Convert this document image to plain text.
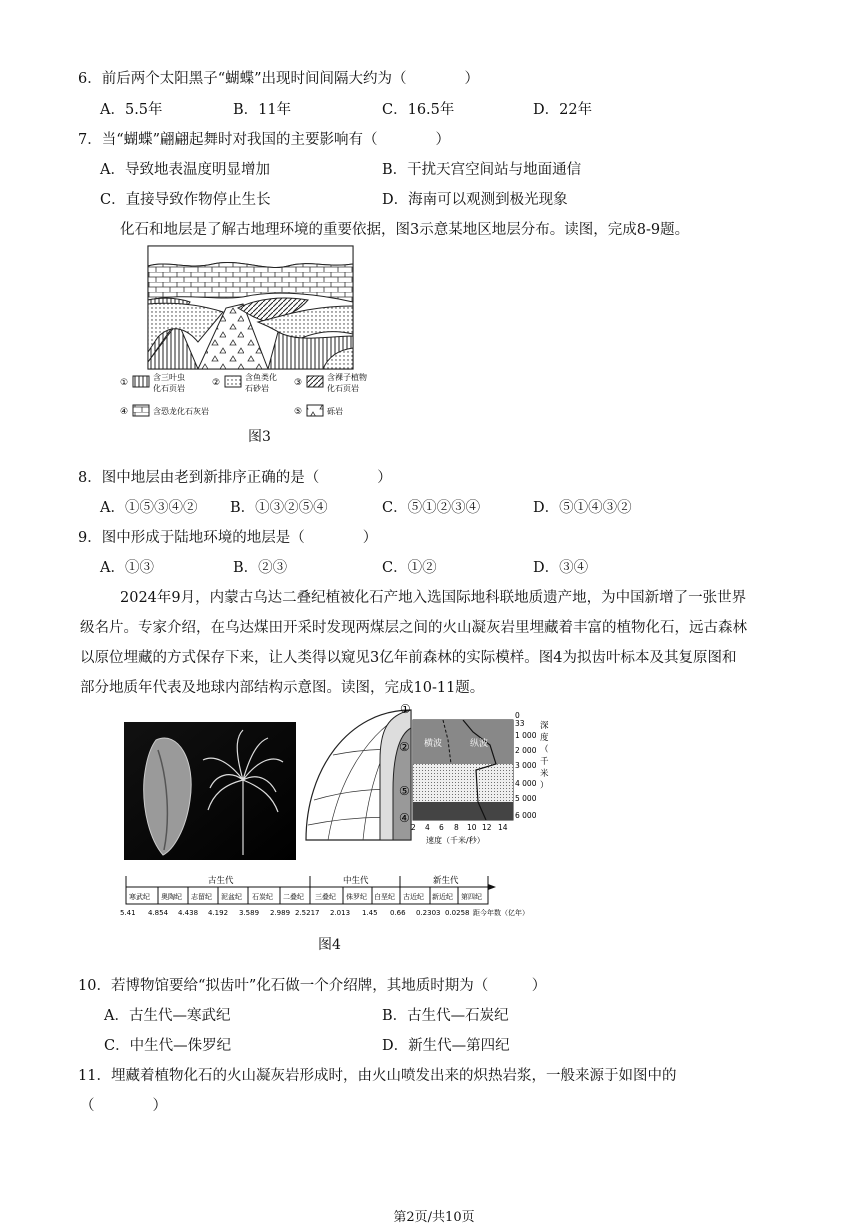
6．前后两个太阳黑子“蝴蝶”出现时间间隔大约为（　　　　）
A．5.5年	B．11年	C．16.5年	D．22年
7．当“蝴蝶”翩翩起舞时对我国的主要影响有（　　　　）
A．导致地表温度明显增加	B．干扰天宫空间站与地面通信
C．直接导致作物停止生长	D．海南可以观测到极光现象
化石和地层是了解古地理环境的重要依据，图3示意某地区地层分布。读图，完成8-9题。
①
含三叶虫
化石页岩
②
含鱼类化
石砂岩
③
含裸子植物
化石页岩
④	含恐龙化石灰岩	⑤	砾岩
图3
8．图中地层由老到新排序正确的是（　　　　）
A．①⑤③④② B．①③②⑤④	C．⑤①②③④	D．⑤①④③②
9．图中形成于陆地环境的地层是（　　　　）
A．①③	B．②③	C．①②	D．③④
2024年9月，内蒙古乌达二叠纪植被化石产地入选国际地科联地质遗产地，为中国新增了一张世界
级名片。专家介绍，在乌达煤田开采时发现两煤层之间的火山凝灰岩里埋藏着丰富的植物化石，远古森林
以原位埋藏的方式保存下来，让人类得以窥见3亿年前森林的实际模样。图4为拟齿叶标本及其复原图和
部分地质年代表及地球内部结构示意图。读图，完成10-11题。
①
②
⑤
④
横波	纵波
0
33
1 000
2 000
3 000
4 000
5 000
6 000
深
度
（
千
米
）
2 4 6 8 10 12 14
速度（千米/秒）
古生代	中生代	新生代
寒武纪 奥陶纪 志留纪 泥盆纪 石炭纪 二叠纪 三叠纪 侏罗纪 白垩纪 古近纪 新近纪 第四纪
5.41 4.854 4.438 4.192 3.589 2.989 2.5217 2.013 1.45 0.66 0.2303 0.0258 距今年数（亿年）
图4
10．若博物馆要给“拟齿叶”化石做一个介绍牌，其地质时期为（　　　）
A．古生代—寒武纪	B．古生代—石炭纪
C．中生代—侏罗纪	D．新生代—第四纪
11．埋藏着植物化石的火山凝灰岩形成时，由火山喷发出来的炽热岩浆，一般来源于如图中的
（　　　　）
第2页/共10页
